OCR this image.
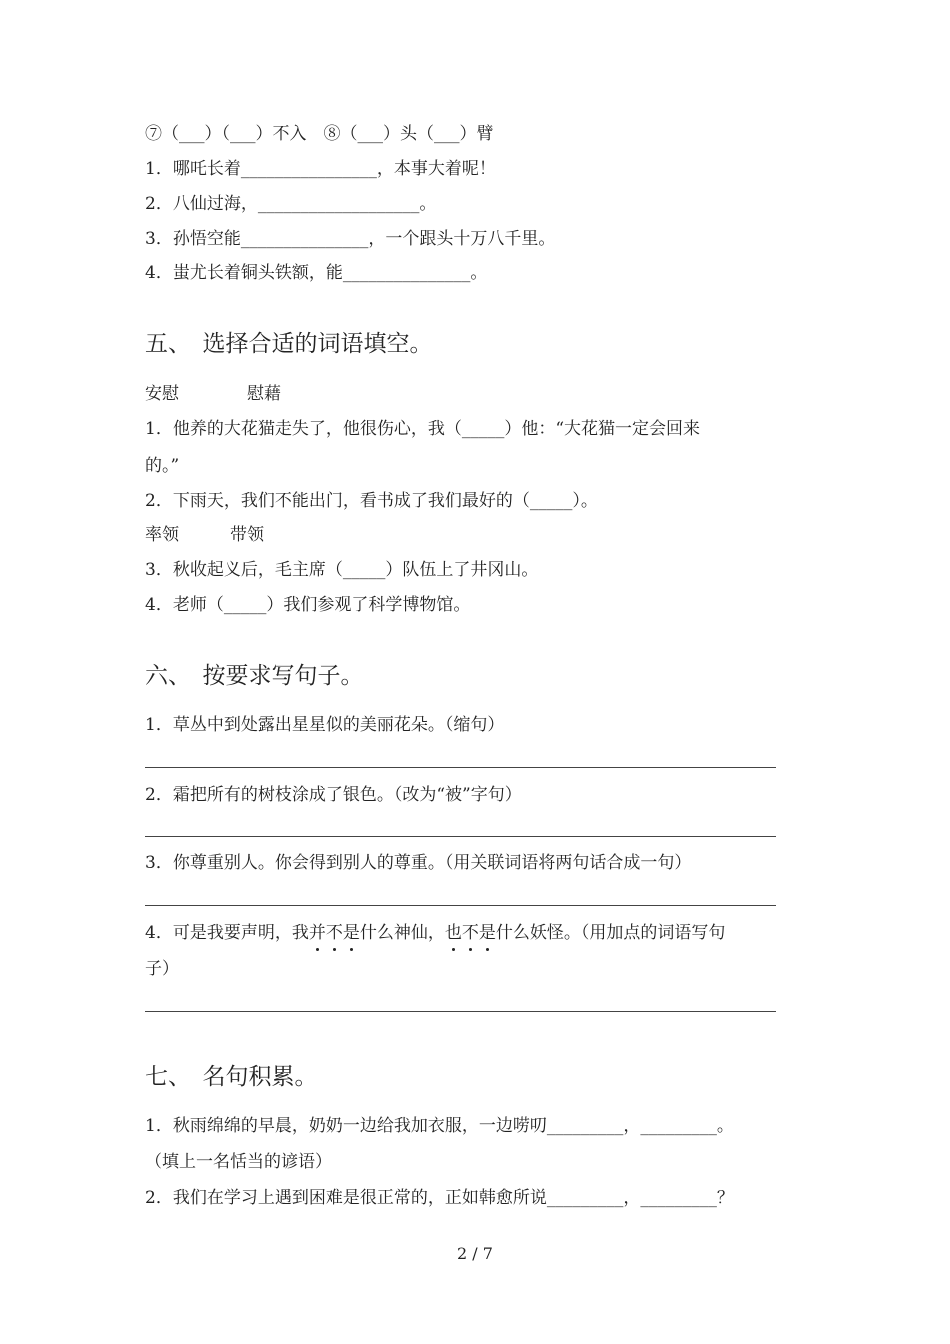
⑦（___）（___）不入　⑧（___）头（___）臂
1．哪吒长着________________，本事大着呢！
2．八仙过海，___________________。
3．孙悟空能_______________，一个跟头十万八千里。
4．蚩尤长着铜头铁额，能_______________。
五、　选择合适的词语填空。
安慰　　　　慰藉
1．他养的大花猫走失了，他很伤心，我（_____）他：“大花猫一定会回来
的。”
2．下雨天，我们不能出门，看书成了我们最好的（_____）。
率领　　　带领
3．秋收起义后，毛主席（_____）队伍上了井冈山。
4．老师（_____）我们参观了科学博物馆。
六、　按要求写句子。
1．草丛中到处露出星星似的美丽花朵。（缩句）
2．霜把所有的树枝涂成了银色。（改为“被”字句）
3．你尊重别人。你会得到别人的尊重。（用关联词语将两句话合成一句）
4．可是我要声明，我并不是什么神仙，也不是什么妖怪。（用加点的词语写句
子）
七、　名句积累。
1．秋雨绵绵的早晨，奶奶一边给我加衣服，一边唠叨_________，_________。
（填上一名恬当的谚语）
2．我们在学习上遇到困难是很正常的，正如韩愈所说_________，_________？
2 / 7
